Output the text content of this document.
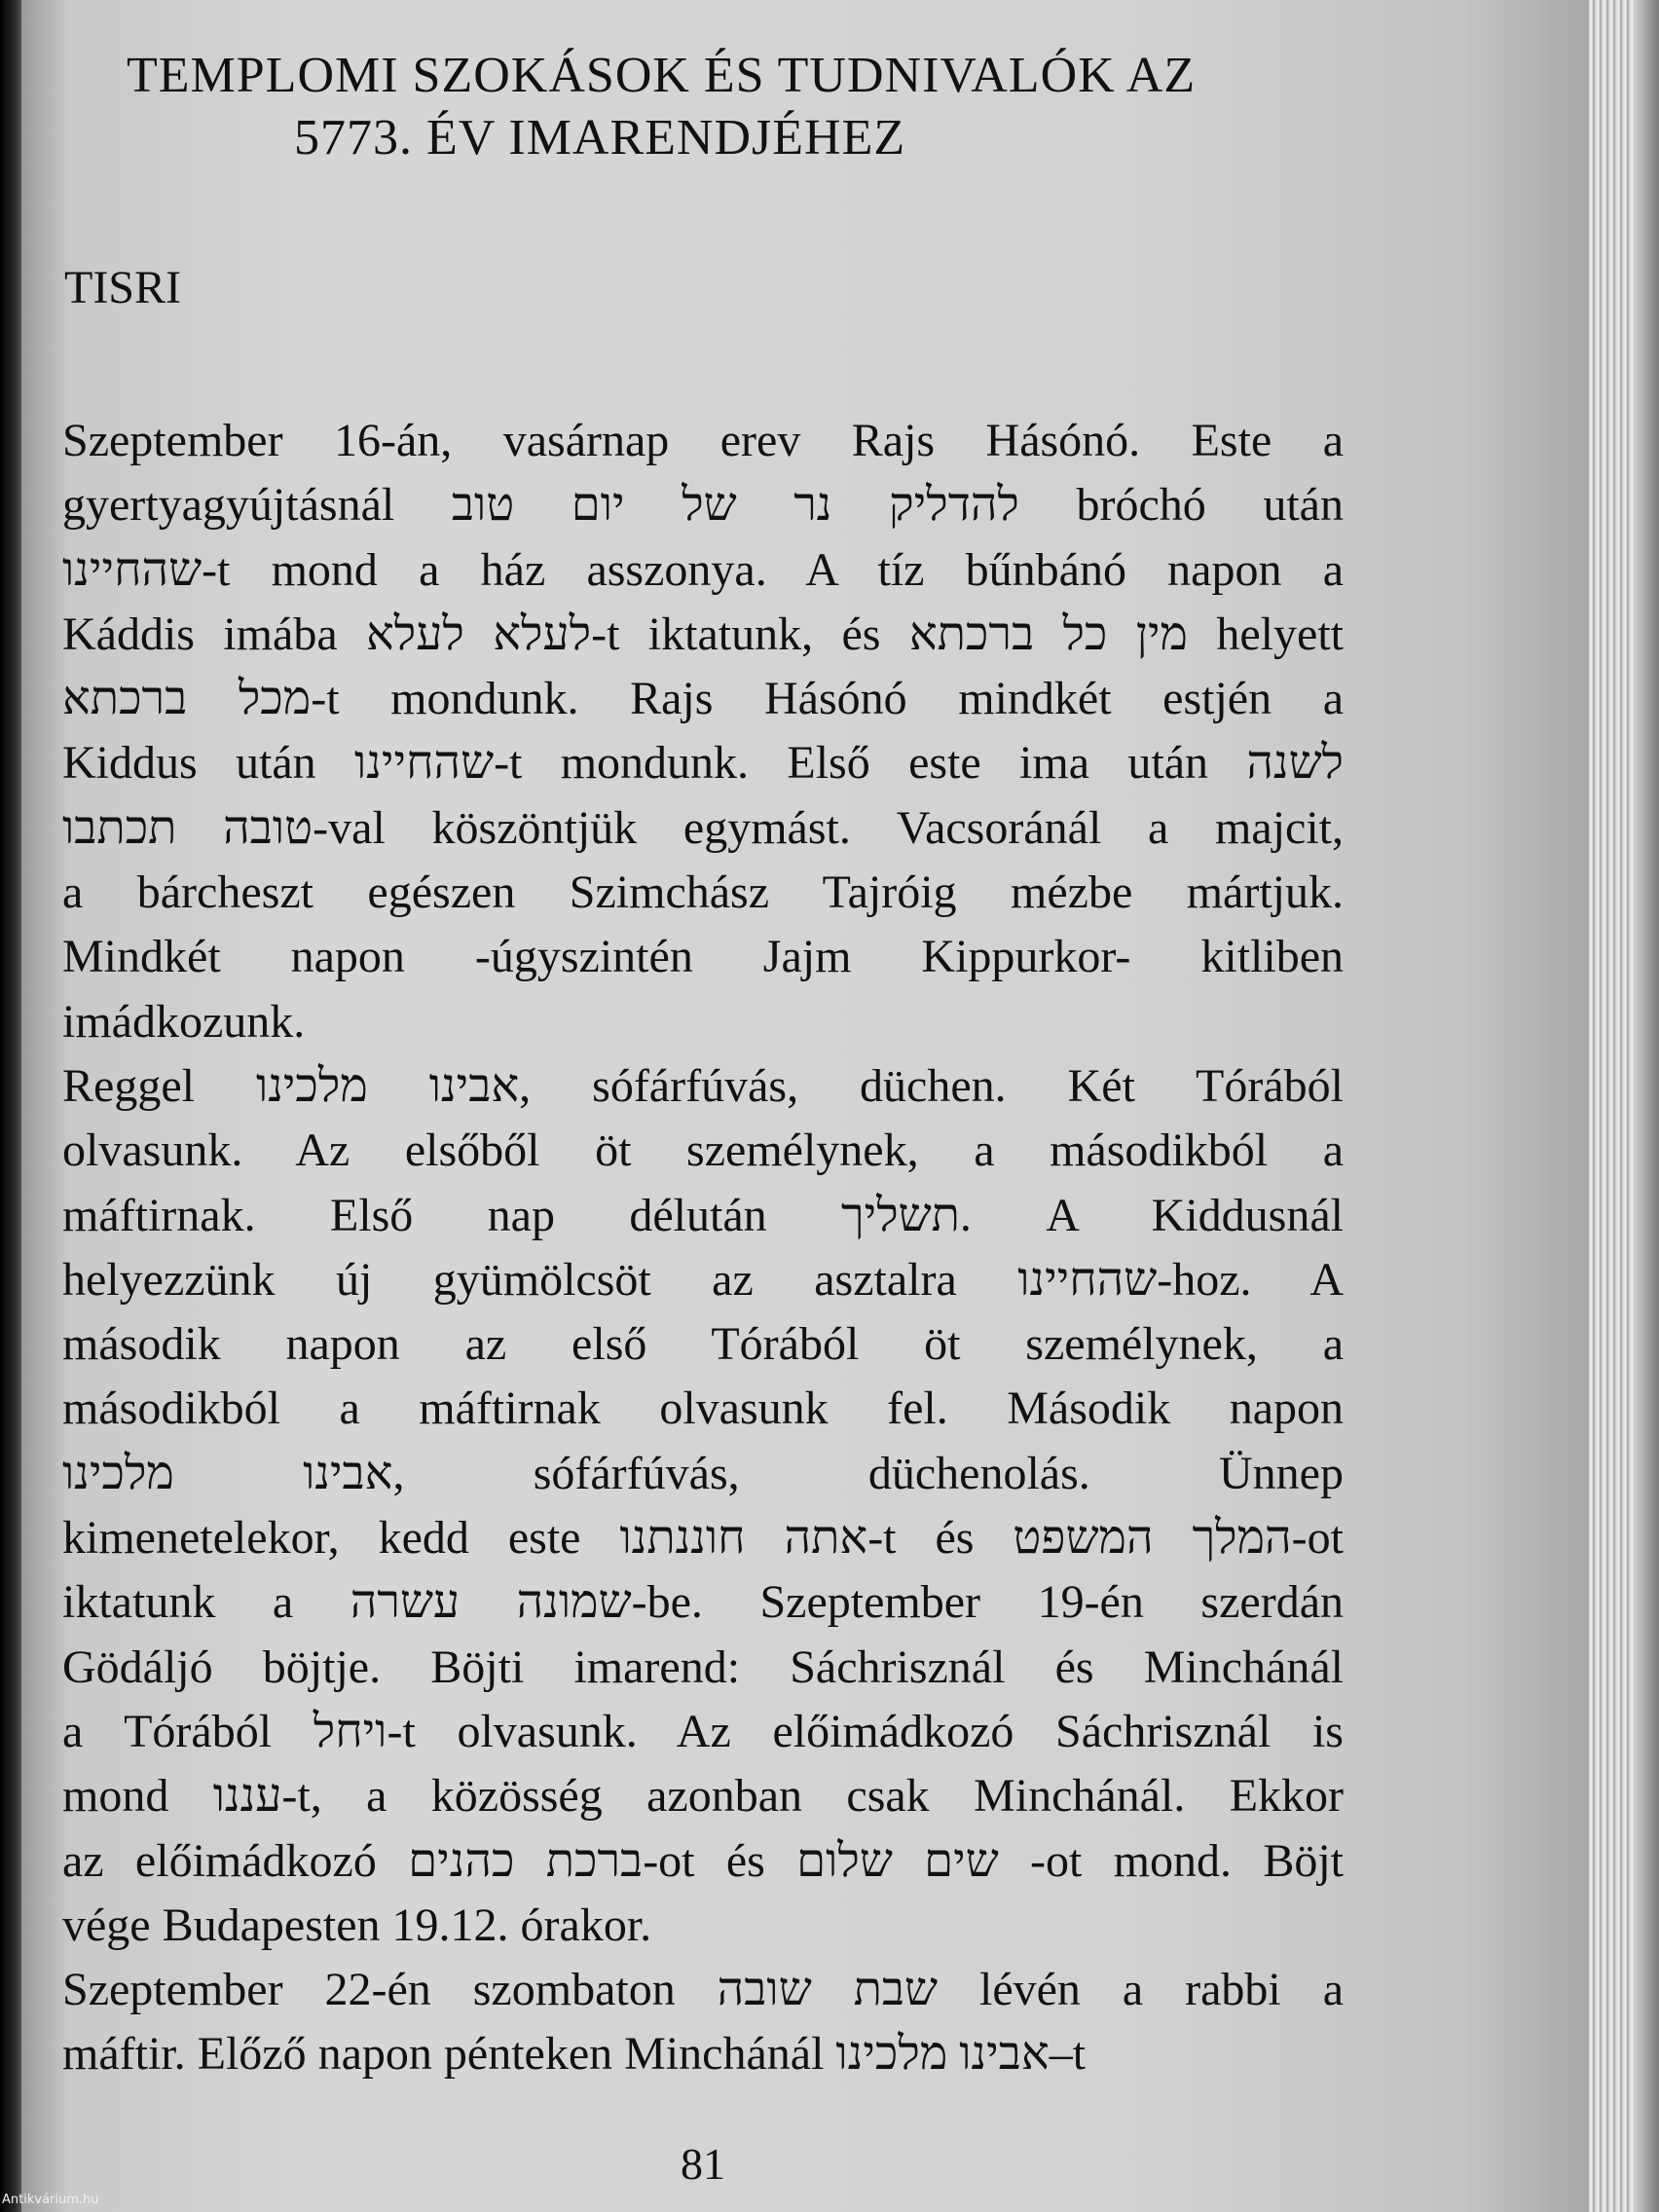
TEMPLOMI SZOKÁSOK ÉS TUDNIVALÓK AZ
5773. ÉV IMARENDJÉHEZ
TISRI
Szeptember 16-án, vasárnap erev Rajs Hásónó. Este a
gyertyagyújtásnál להדליק נר של יום טוב bróchó után
שהחיינו-t mond a ház asszonya. A tíz bűnbánó napon a
Káddis imába לעלא לעלא-t iktatunk, és מין כל ברכתא helyett
מכל ברכתא-t mondunk. Rajs Hásónó mindkét estjén a
Kiddus után שהחיינו-t mondunk. Első este ima után לשנה
טובה תכתבו-val köszöntjük egymást. Vacsoránál a majcit,
a bárcheszt egészen Szimchász Tajróig mézbe mártjuk.
Mindkét napon -úgyszintén Jajm Kippurkor- kitliben
imádkozunk.
Reggel אבינו מלכינו, sófárfúvás, düchen. Két Tórából
olvasunk. Az elsőből öt személynek, a másodikból a
máftirnak. Első nap délután תשליך. A Kiddusnál
helyezzünk új gyümölcsöt az asztalra שהחיינו-hoz. A
második napon az első Tórából öt személynek, a
másodikból a máftirnak olvasunk fel. Második napon
אבינו מלכינו, sófárfúvás, düchenolás. Ünnep
kimenetelekor, kedd este אתה חוננתנו-t és המלך המשפט-ot
iktatunk a שמונה עשרה-be. Szeptember 19-én szerdán
Gödáljó böjtje. Böjti imarend: Sáchrisznál és Minchánál
a Tórából ויחל-t olvasunk. Az előimádkozó Sáchrisznál is
mond עננו-t, a közösség azonban csak Minchánál. Ekkor
az előimádkozó ברכת כהנים-ot és שים שלום -ot mond. Böjt
vége Budapesten 19.12. órakor.
Szeptember 22-én szombaton שבת שובה lévén a rabbi a
máftir. Előző napon pénteken Minchánál אבינו מלכינו–t
81
Antikvárium.hu
